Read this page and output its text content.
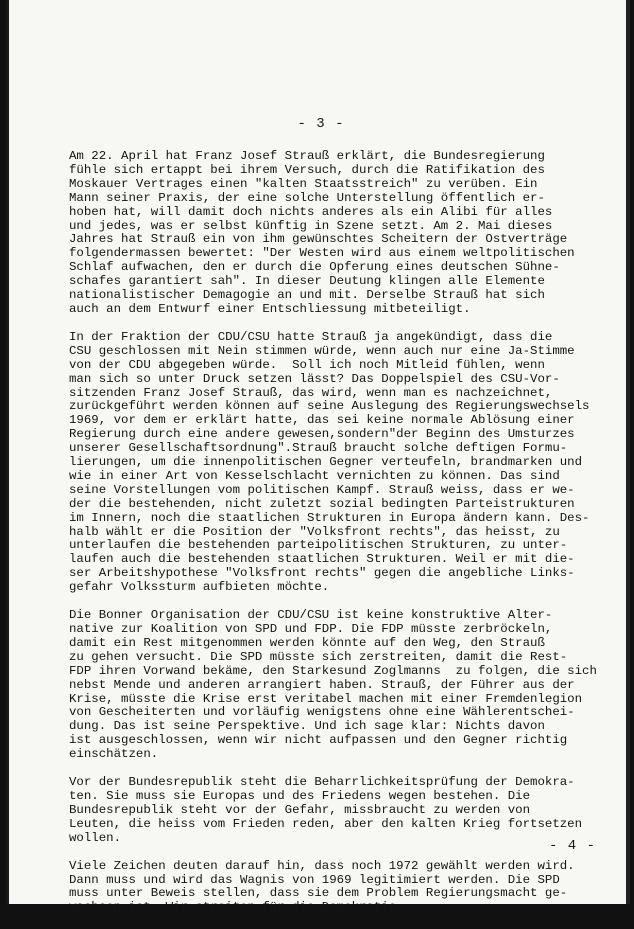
- 3 -
Am 22. April hat Franz Josef Strauß erklärt, die Bundesregierung
fühle sich ertappt bei ihrem Versuch, durch die Ratifikation des
Moskauer Vertrages einen "kalten Staatsstreich" zu verüben. Ein
Mann seiner Praxis, der eine solche Unterstellung öffentlich er-
hoben hat, will damit doch nichts anderes als ein Alibi für alles
und jedes, was er selbst künftig in Szene setzt. Am 2. Mai dieses
Jahres hat Strauß ein von ihm gewünschtes Scheitern der Ostverträge
folgendermassen bewertet: "Der Westen wird aus einem weltpolitischen
Schlaf aufwachen, den er durch die Opferung eines deutschen Sühne-
schafes garantiert sah". In dieser Deutung klingen alle Elemente
nationalistischer Demagogie an und mit. Derselbe Strauß hat sich
auch an dem Entwurf einer Entschliessung mitbeteiligt.
In der Fraktion der CDU/CSU hatte Strauß ja angekündigt, dass die
CSU geschlossen mit Nein stimmen würde, wenn auch nur eine Ja-Stimme
von der CDU abgegeben würde.  Soll ich noch Mitleid fühlen, wenn
man sich so unter Druck setzen lässt? Das Doppelspiel des CSU-Vor-
sitzenden Franz Josef Strauß, das wird, wenn man es nachzeichnet,
zurückgeführt werden können auf seine Auslegung des Regierungswechsels
1969, vor dem er erklärt hatte, das sei keine normale Ablösung einer
Regierung durch eine andere gewesen,sondern"der Beginn des Umsturzes
unserer Gesellschaftsordnung".Strauß braucht solche deftigen Formu-
lierungen, um die innenpolitischen Gegner verteufeln, brandmarken und
wie in einer Art von Kesselschlacht vernichten zu können. Das sind
seine Vorstellungen vom politischen Kampf. Strauß weiss, dass er we-
der die bestehenden, nicht zuletzt sozial bedingten Parteistrukturen
im Innern, noch die staatlichen Strukturen in Europa ändern kann. Des-
halb wählt er die Position der "Volksfront rechts", das heisst, zu
unterlaufen die bestehenden parteipolitischen Strukturen, zu unter-
laufen auch die bestehenden staatlichen Strukturen. Weil er mit die-
ser Arbeitshypothese "Volksfront rechts" gegen die angebliche Links-
gefahr Volkssturm aufbieten möchte.
Die Bonner Organisation der CDU/CSU ist keine konstruktive Alter-
native zur Koalition von SPD und FDP. Die FDP müsste zerbröckeln,
damit ein Rest mitgenommen werden könnte auf den Weg, den Strauß
zu gehen versucht. Die SPD müsste sich zerstreiten, damit die Rest-
FDP ihren Vorwand bekäme, den Starkesund Zoglmanns  zu folgen, die sich
nebst Mende und anderen arrangiert haben. Strauß, der Führer aus der
Krise, müsste die Krise erst veritabel machen mit einer Fremdenlegion
von Gescheiterten und vorläufig wenigstens ohne eine Wählerentschei-
dung. Das ist seine Perspektive. Und ich sage klar: Nichts davon
ist ausgeschlossen, wenn wir nicht aufpassen und den Gegner richtig
einschätzen.
Vor der Bundesrepublik steht die Beharrlichkeitsprüfung der Demokra-
ten. Sie muss sie Europas und des Friedens wegen bestehen. Die
Bundesrepublik steht vor der Gefahr, missbraucht zu werden von
Leuten, die heiss vom Frieden reden, aber den kalten Krieg fortsetzen
wollen.
Viele Zeichen deuten darauf hin, dass noch 1972 gewählt werden wird.
Dann muss und wird das Wagnis von 1969 legitimiert werden. Die SPD
muss unter Beweis stellen, dass sie dem Problem Regierungsmacht ge-
wachsen ist. Wir streiten für die Demokratie.
- 4 -
